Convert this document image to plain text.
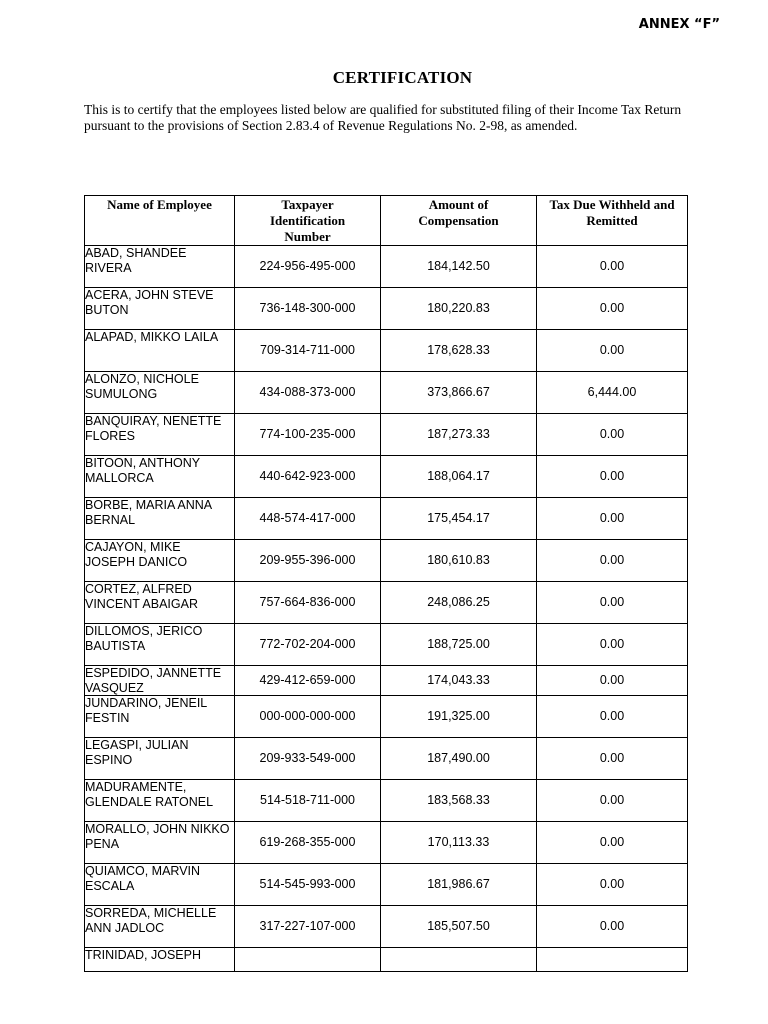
ANNEX “F”
CERTIFICATION
This is to certify that the employees listed below are qualified for substituted filing of their Income Tax Return pursuant to the provisions of Section 2.83.4 of Revenue Regulations No. 2-98, as amended.
Name of Employee	Taxpayer Identification Number	Amount of Compensation	Tax Due Withheld and Remitted
ABAD, SHANDEE RIVERA	224-956-495-000	184,142.50	0.00
ACERA, JOHN STEVE BUTON	736-148-300-000	180,220.83	0.00
ALAPAD, MIKKO LAILA	709-314-711-000	178,628.33	0.00
ALONZO, NICHOLE SUMULONG	434-088-373-000	373,866.67	6,444.00
BANQUIRAY, NENETTE FLORES	774-100-235-000	187,273.33	0.00
BITOON, ANTHONY MALLORCA	440-642-923-000	188,064.17	0.00
BORBE, MARIA ANNA BERNAL	448-574-417-000	175,454.17	0.00
CAJAYON, MIKE JOSEPH DANICO	209-955-396-000	180,610.83	0.00
CORTEZ, ALFRED VINCENT ABAIGAR	757-664-836-000	248,086.25	0.00
DILLOMOS, JERICO BAUTISTA	772-702-204-000	188,725.00	0.00
ESPEDIDO, JANNETTE VASQUEZ	429-412-659-000	174,043.33	0.00
JUNDARINO, JENEIL FESTIN	000-000-000-000	191,325.00	0.00
LEGASPI, JULIAN ESPINO	209-933-549-000	187,490.00	0.00
MADURAMENTE, GLENDALE RATONEL	514-518-711-000	183,568.33	0.00
MORALLO, JOHN NIKKO PENA	619-268-355-000	170,113.33	0.00
QUIAMCO, MARVIN ESCALA	514-545-993-000	181,986.67	0.00
SORREDA, MICHELLE ANN JADLOC	317-227-107-000	185,507.50	0.00
TRINIDAD, JOSEPH			
